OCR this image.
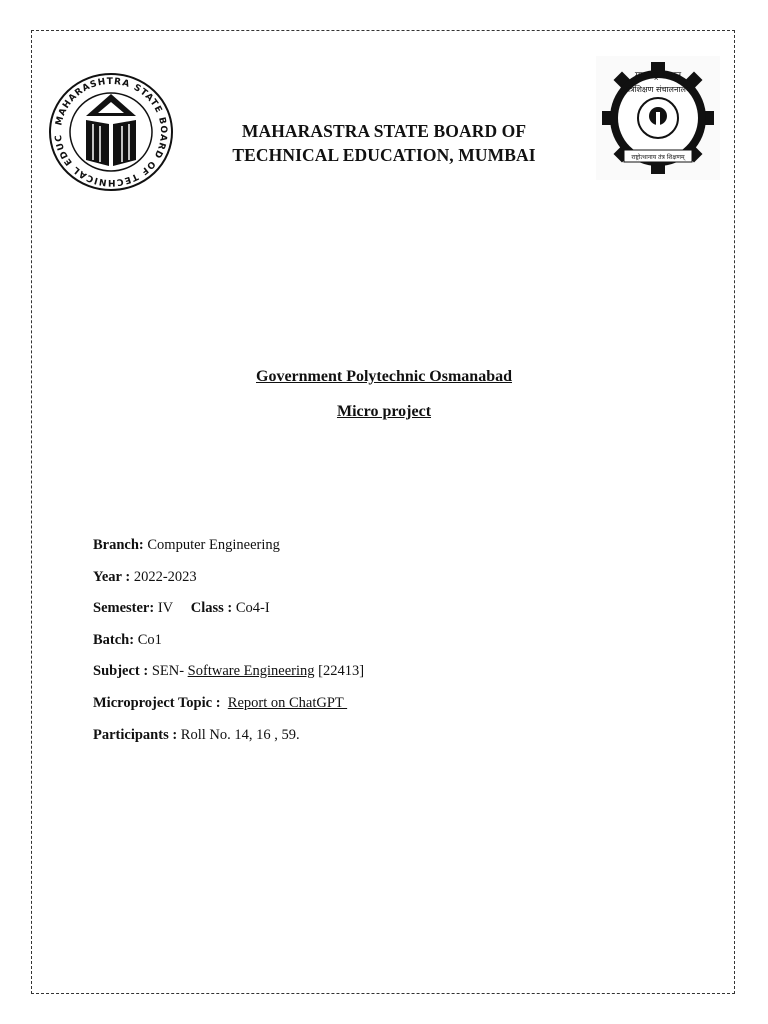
MAHARASHTRA STATE BOARD OF TECHNICAL EDUC
महाराष्ट्र शासन
तंत्रशिक्षण संचालनालय
राष्ट्रोत्थानाय तंत्र शिक्षणम्
MAHARASTRA STATE BOARD OF
TECHNICAL EDUCATION, MUMBAI
Government Polytechnic Osmanabad
Micro project
Branch: Computer Engineering
Year : 2022-2023
Semester: IV Class : Co4-I
Batch: Co1
Subject : SEN- Software Engineering [22413]
Microproject Topic : Report on ChatGPT
Participants : Roll No. 14, 16 , 59.
